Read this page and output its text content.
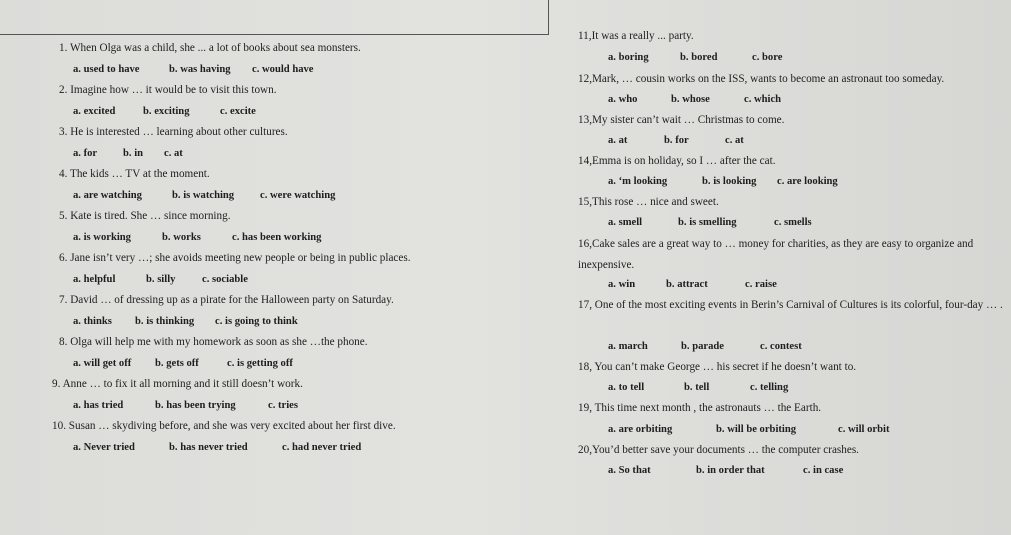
1. When Olga was a child, she ... a lot of books about sea monsters.
a. used to have	b. was having c. would have
2. Imagine how … it would be to visit this town.
a. excited	b. exciting	c. excite
3. He is interested … learning about other cultures.
a. for b. in c. at
4. The kids … TV at the moment.
a. are watching	b. is watching c. were watching
5. Kate is tired. She … since morning.
a. is working	b. works	c. has been working
6. Jane isn’t very …; she avoids meeting new people or being in public places.
a. helpful	b. silly	c. sociable
7. David … of dressing up as a pirate for the Halloween party on Saturday.
a. thinks b. is thinking c. is going to think
8. Olga will help me with my homework as soon as she …the phone.
a. will get off b. gets off	c. is getting off
9. Anne … to fix it all morning and it still doesn’t work.
a. has tried	b. has been trying	c. tries
10. Susan … skydiving before, and she was very excited about her first dive.
a. Never tried	b. has never tried	c. had never tried
11,It was a really ... party.
a. boring	b. bored	c. bore
12,Mark, … cousin works on the ISS, wants to become an astronaut too someday.
a. who	b. whose	c. which
13,My sister can’t wait … Christmas to come.
a. at	b. for	c. at
14,Emma is on holiday, so I … after the cat.
a. ‘m looking	b. is looking c. are looking
15,This rose … nice and sweet.
a. smell	b. is smelling	c. smells
16,Cake sales are a great way to … money for charities, as they are easy to organize and inexpensive.
a. win	b. attract	c. raise
17, One of the most exciting events in Berin’s Carnival of Cultures is its colorful, four-day … .
a. march	b. parade	c. contest
18, You can’t make George … his secret if he doesn’t want to.
a. to tell	b. tell	c. telling
19, This time next month , the astronauts … the Earth.
a. are orbiting	b. will be orbiting	c. will orbit
20,You’d better save your documents … the computer crashes.
a. So that	b. in order that	c. in case
